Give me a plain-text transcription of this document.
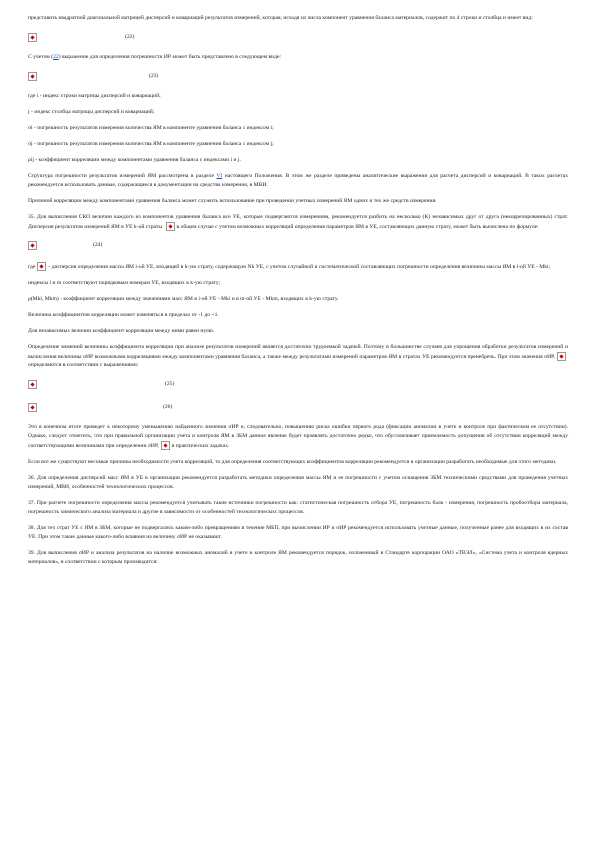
представить квадратной диагональной матрицей дисперсий и ковариаций результатов измерений, которая, исходя из числа компонент уравнения баланса материалов, содержит по 4 строки и столбца и имеет вид:

(22)

С учетом (22) выражение для определения погрешности ИР может быть представлено в следующем виде:

(23)

где i - индекс строки матрицы дисперсий и ковариаций;

j - индекс столбца матрицы дисперсий и ковариаций;

σi - погрешность результатов измерения количества ЯМ в компоненте уравнения баланса с индексом i;

σj - погрешность результатов измерения количества ЯМ в компоненте уравнения баланса с индексом j;

ρij - коэффициент корреляции между компонентами уравнения баланса с индексами i и j.

Структура погрешности результатов измерений ЯМ рассмотрена в разделе VI настоящего Положения. В этом же разделе приведены аналитические выражения для расчета дисперсий и ковариаций. В таких расчетах рекомендуется использовать данные, содержащиеся в документации на средства измерения, в МВИ.

Причиной корреляции между компонентами уравнения баланса может служить использование при проведении учетных измерений ЯМ одних и тех же средств измерения.

35. Для вычисления СКО величин каждого из компонентов уравнения баланса все УЕ, которые подвергаются измерениям, рекомендуется разбить на несколько (K) независимых друг от друга (некоррелированных) страт. Дисперсия результатов измерений ЯМ в УЕ k-ой страты	в общем случае с учетом возможных корреляций определения параметров ЯМ в УЕ, составляющих данную страту, может быть вычислена по формуле:

(24)

где - дисперсия определения массы ЯМ i-ой УЕ, входящей в k-ую страту, содержащую Nk УЕ, с учетом случайной и систематической составляющих погрешности определения величины массы ЯМ в i-ой УЕ - Mki;

индексы i и m соответствуют порядковым номерам УЕ, входящих в k-ую страту;

ρ(Mki, Mkm) - коэффициент корреляции между значениями масс ЯМ в i-ой УЕ - Mki и в m-ой УЕ - Mkm, входящих в k-ую страту.

Величина коэффициентов корреляции может изменяться в пределах от -1 до +1.

Для независимых величин коэффициент корреляции между ними равен нулю.

Определение значений величины коэффициента корреляции при анализе результатов измерений является достаточно трудоемкой задачей. Поэтому в большинстве случаев для упрощения обработки результатов измерений и вычисления величины σИР возможными корреляциями между компонентами уравнения баланса, а также между результатами измерений параметров ЯМ в стратах УЕ рекомендуется пренебречь. При этом значения σИР,определяются в соответствии с выражениями:

(25)
(26)

Это в конечном итоге приведет к некоторому уменьшению найденного значения σИР и, следовательно, повышению риска ошибки первого рода (фиксации аномалии в учете и контроле при фактическом ее отсутствии). Однако, следует отметить, что при правильной организации учета и контроля ЯМ в ЗБМ данное явление будет проявлять достаточно редко, что обусловливает приемлемость допущения об отсутствии корреляций между соответствующими величинами при определении σИР, в практических задачах.

Если все же существуют весомые причины необходимости учета корреляций, то для определения соответствующих коэффициентов корреляции рекомендуется в организации разработать необходимые для этого методики.

36. Для определения дисперсий масс ЯМ в УЕ в организации рекомендуется разработать методики определения массы ЯМ и ее погрешности с учетом оснащения ЗБМ техническими средствами для проведения учетных измерений, МВИ, особенностей технологических процессов.

37. При расчете погрешности определения массы рекомендуется учитывать такие источники погрешности как: статистическая погрешность отбора УЕ, погрешность балк - измерения, погрешность пробоотбора материала, погрешность химического анализа материала и другие в зависимости от особенностей технологических процессов.

38. Для тех страт УЕ с ЯМ в ЗБМ, которые не подвергались каким-либо превращениям в течение МБП, при вычислении ИР и σИР рекомендуется использовать учетные данные, полученные ранее для входящих в их состав УЕ. При этом такие данные какого-либо влияния на величину σИР не оказывают.

39. Для вычисления σИР и анализа результатов на наличие возможных аномалий в учете и контроле ЯМ рекомендуется порядок, изложенный в Стандарте корпорации ОАО «ТВЭЛ», «Система учета и контроля ядерных материалов», в соответствии с которым производится:
